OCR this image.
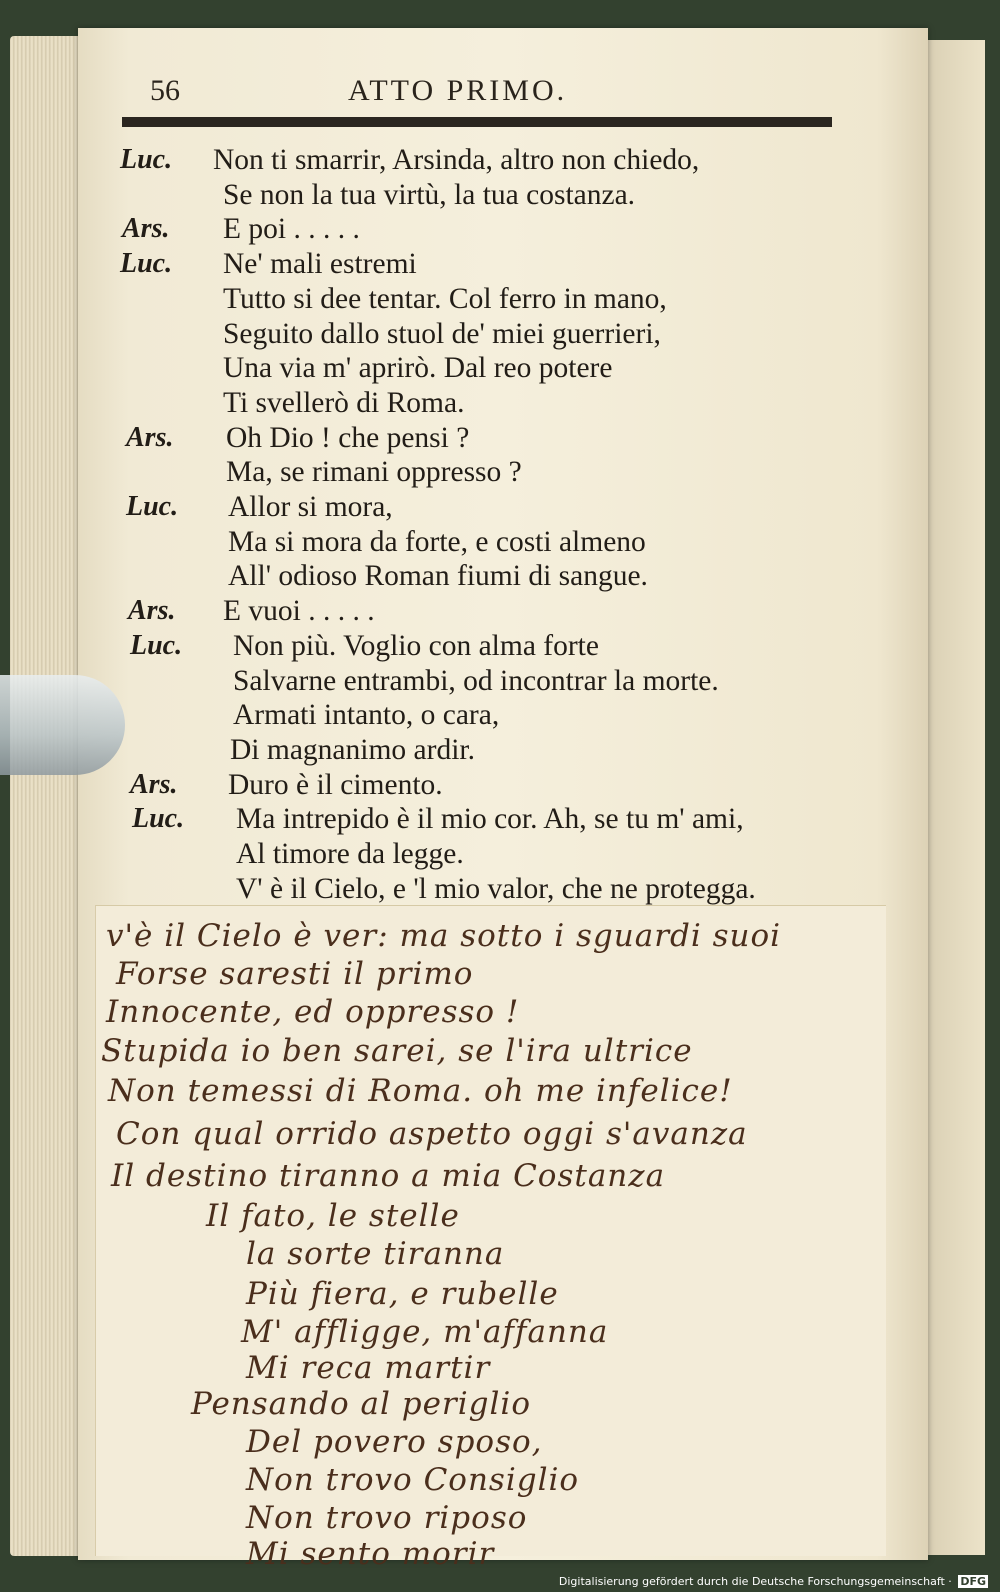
56	ATTO PRIMO.
Luc. Non ti smarrir, Arsinda, altro non chiedo,
Se non la tua virtù, la tua costanza.
Ars. E poi . . . . .
Luc. Ne' mali estremi
Tutto si dee tentar. Col ferro in mano,
Seguito dallo stuol de' miei guerrieri,
Una via m' aprirò. Dal reo potere
Ti svellerò di Roma.
Ars. Oh Dio ! che pensi ?
Ma, se rimani oppresso ?
Luc. Allor si mora,
Ma si mora da forte, e costi almeno
All' odioso Roman fiumi di sangue.
Ars. E vuoi . . . . .
Luc. Non più. Voglio con alma forte
Salvarne entrambi, od incontrar la morte.
Armati intanto, o cara,
Di magnanimo ardir.
Ars. Duro è il cimento.
Luc. Ma intrepido è il mio cor. Ah, se tu m' ami,
Al timore da legge.
V' è il Cielo, e 'l mio valor, che ne protegga.
v'è il Cielo è ver: ma sotto i sguardi suoi
Forse saresti il primo
Innocente, ed oppresso !
Stupida io ben sarei, se l'ira ultrice
Non temessi di Roma. oh me infelice!
Con qual orrido aspetto oggi s'avanza
Il destino tiranno a mia Costanza
Il fato, le stelle
la sorte tiranna
Più fiera, e rubelle
M' affligge, m'affanna
Mi reca martir
Pensando al periglio
Del povero sposo,
Non trovo Consiglio
Non trovo riposo
Mi sento morir
Digitalisierung gefördert durch die Deutsche Forschungsgemeinschaft · DFG
